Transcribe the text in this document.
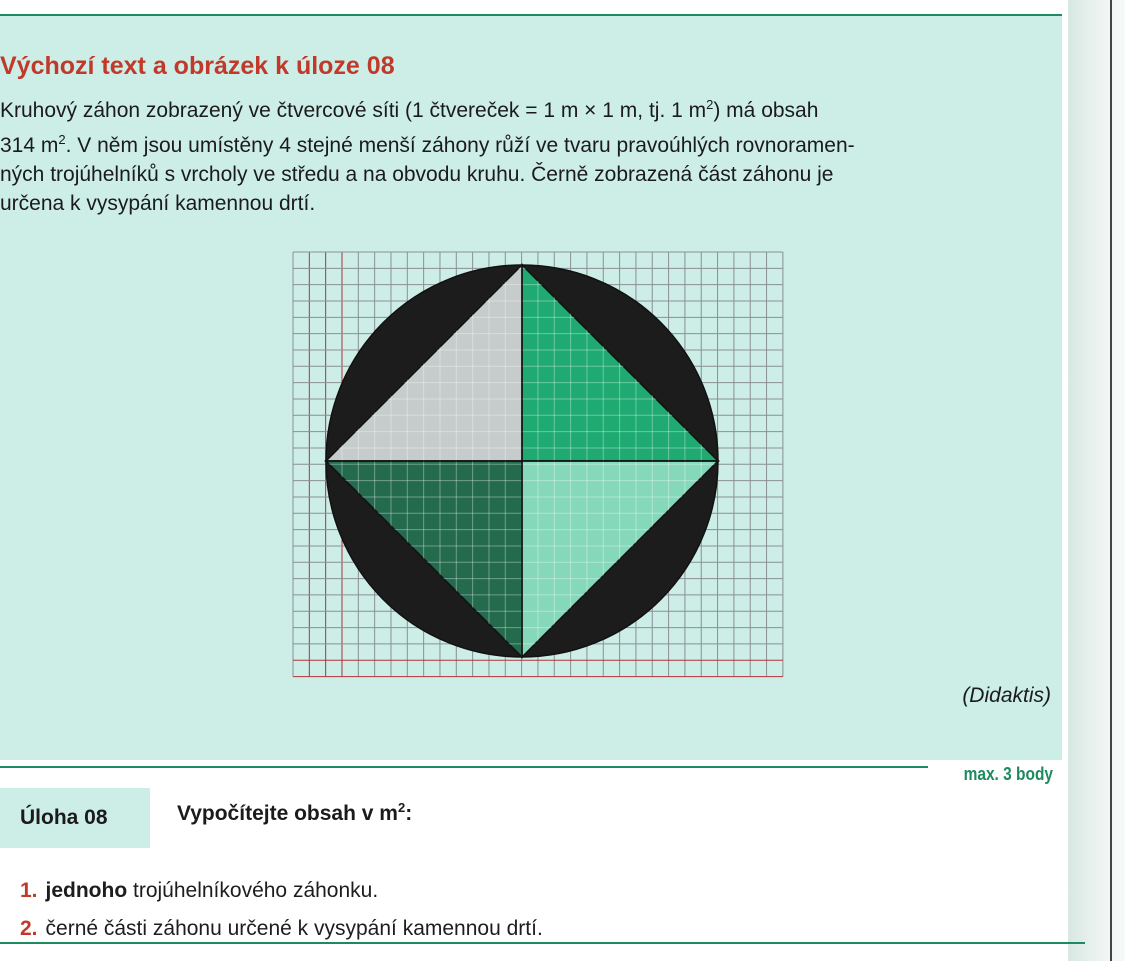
Výchozí text a obrázek k úloze 08
Kruhový záhon zobrazený ve čtvercové síti (1 čtvereček = 1 m × 1 m, tj. 1 $m^2$) má obsah
314 $m^2$. V něm jsou umístěny 4 stejné menší záhony růží ve tvaru pravoúhlých rovnoramen-
ných trojúhelníků s vrcholy ve středu a na obvodu kruhu. Černě zobrazená část záhonu je
určena k vysypání kamennou drtí.
(Didaktis)
max. 3 body
Úloha 08	Vypočítejte obsah v $m^2$:
1. jednoho trojúhelníkového záhonku.
2. černé části záhonu určené k vysypání kamennou drtí.
